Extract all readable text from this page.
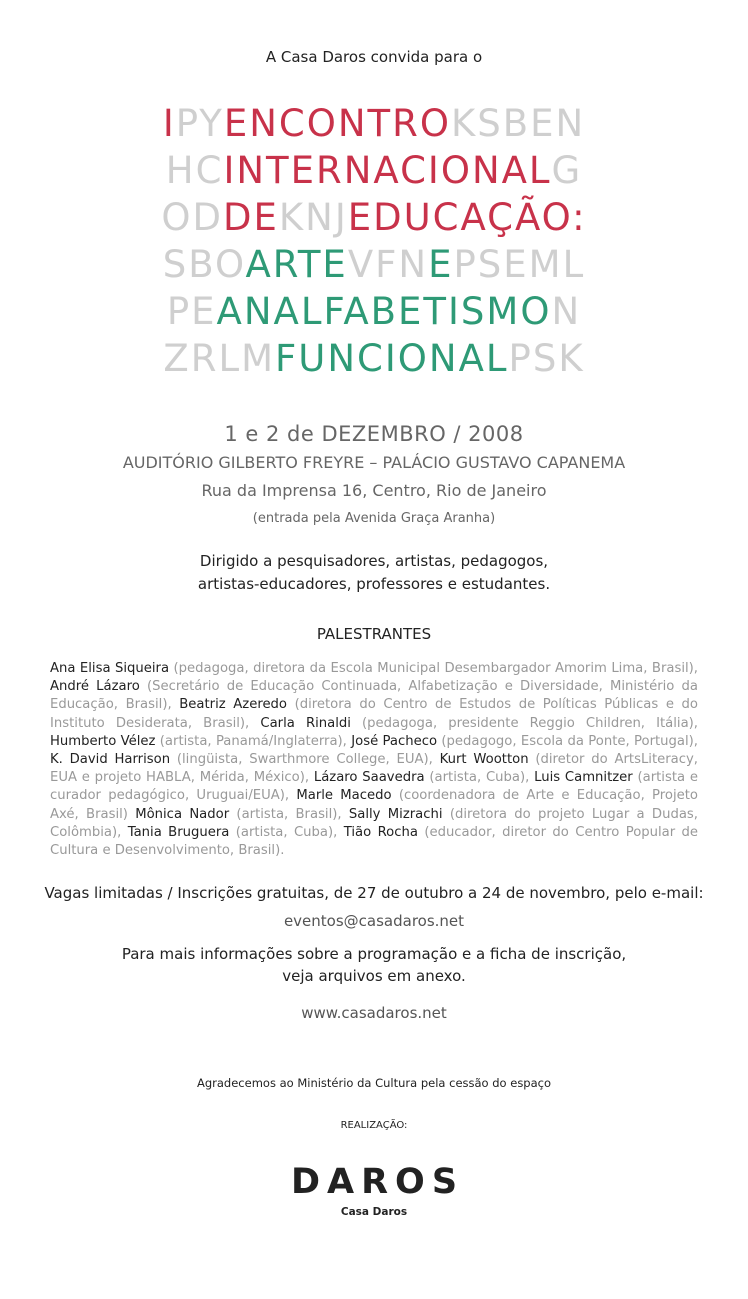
A Casa Daros convida para o
IPYENCONTROKSBEN
HCINTERNACIONALG
ODDEKNJEDUCAÇÃO:
SBOARTEVFNEPSEML
PEANALFABETISMON
ZRLMFUNCIONALPSK
1 e 2 de DEZEMBRO / 2008
AUDITÓRIO GILBERTO FREYRE – PALÁCIO GUSTAVO CAPANEMA
Rua da Imprensa 16, Centro, Rio de Janeiro
(entrada pela Avenida Graça Aranha)
Dirigido a pesquisadores, artistas, pedagogos,
artistas-educadores, professores e estudantes.
PALESTRANTES
Ana Elisa Siqueira (pedagoga, diretora da Escola Municipal Desembargador Amorim Lima, Brasil), André Lázaro (Secretário de Educação Continuada, Alfabetização e Diversidade, Ministério da Educação, Brasil), Beatriz Azeredo (diretora do Centro de Estudos de Políticas Públicas e do Instituto Desiderata, Brasil), Carla Rinaldi (pedagoga, presidente Reggio Children, Itália), Humberto Vélez (artista, Panamá/Inglaterra), José Pacheco (pedagogo, Escola da Ponte, Portugal), K. David Harrison (lingüista, Swarthmore College, EUA), Kurt Wootton (diretor do ArtsLiteracy, EUA e projeto HABLA, Mérida, México), Lázaro Saavedra (artista, Cuba), Luis Camnitzer (artista e curador pedagógico, Uruguai/EUA), Marle Macedo (coordenadora de Arte e Educação, Projeto Axé, Brasil) Mônica Nador (artista, Brasil), Sally Mizrachi (diretora do projeto Lugar a Dudas, Colômbia), Tania Bruguera (artista, Cuba), Tião Rocha (educador, diretor do Centro Popular de Cultura e Desenvolvimento, Brasil).
Vagas limitadas / Inscrições gratuitas, de 27 de outubro a 24 de novembro, pelo e-mail:
eventos@casadaros.net
Para mais informações sobre a programação e a ficha de inscrição,
veja arquivos em anexo.
www.casadaros.net
Agradecemos ao Ministério da Cultura pela cessão do espaço
REALIZAÇÃO:
DAROS
Casa Daros
